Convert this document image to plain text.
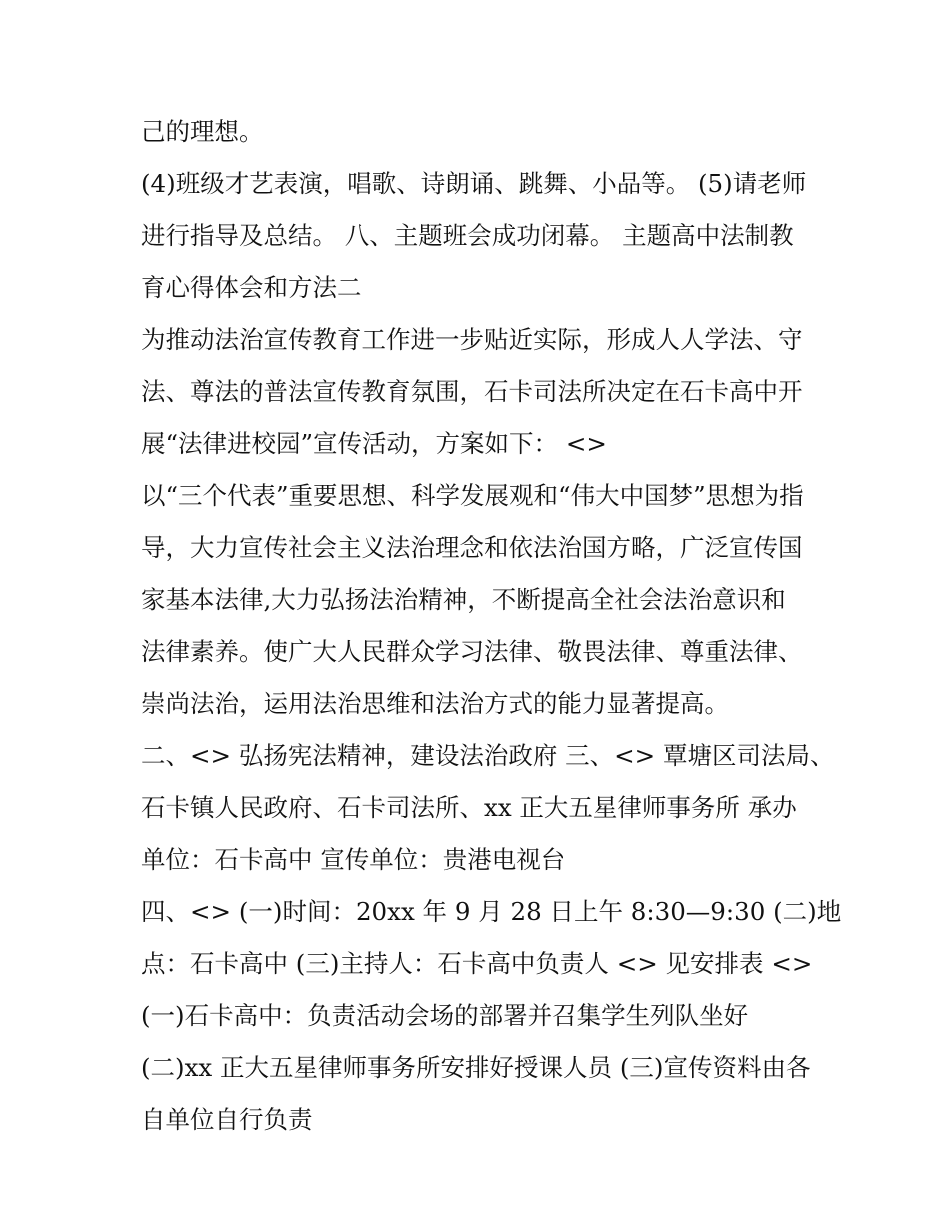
己的理想。
(4)班级才艺表演，唱歌、诗朗诵、跳舞、小品等。 (5)请老师
进行指导及总结。 八、主题班会成功闭幕。 主题高中法制教
育心得体会和方法二
为推动法治宣传教育工作进一步贴近实际，形成人人学法、守
法、尊法的普法宣传教育氛围，石卡司法所决定在石卡高中开
展“法律进校园”宣传活动，方案如下： <>
以“三个代表”重要思想、科学发展观和“伟大中国梦”思想为指
导，大力宣传社会主义法治理念和依法治国方略，广泛宣传国
家基本法律,大力弘扬法治精神，不断提高全社会法治意识和
法律素养。使广大人民群众学习法律、敬畏法律、尊重法律、
崇尚法治，运用法治思维和法治方式的能力显著提高。
二、<> 弘扬宪法精神，建设法治政府 三、<> 覃塘区司法局、
石卡镇人民政府、石卡司法所、xx 正大五星律师事务所 承办
单位：石卡高中 宣传单位：贵港电视台
四、<> (一)时间：20xx 年 9 月 28 日上午 8:30—9:30 (二)地
点：石卡高中 (三)主持人：石卡高中负责人 <> 见安排表 <>
(一)石卡高中：负责活动会场的部署并召集学生列队坐好
(二)xx 正大五星律师事务所安排好授课人员 (三)宣传资料由各
自单位自行负责
